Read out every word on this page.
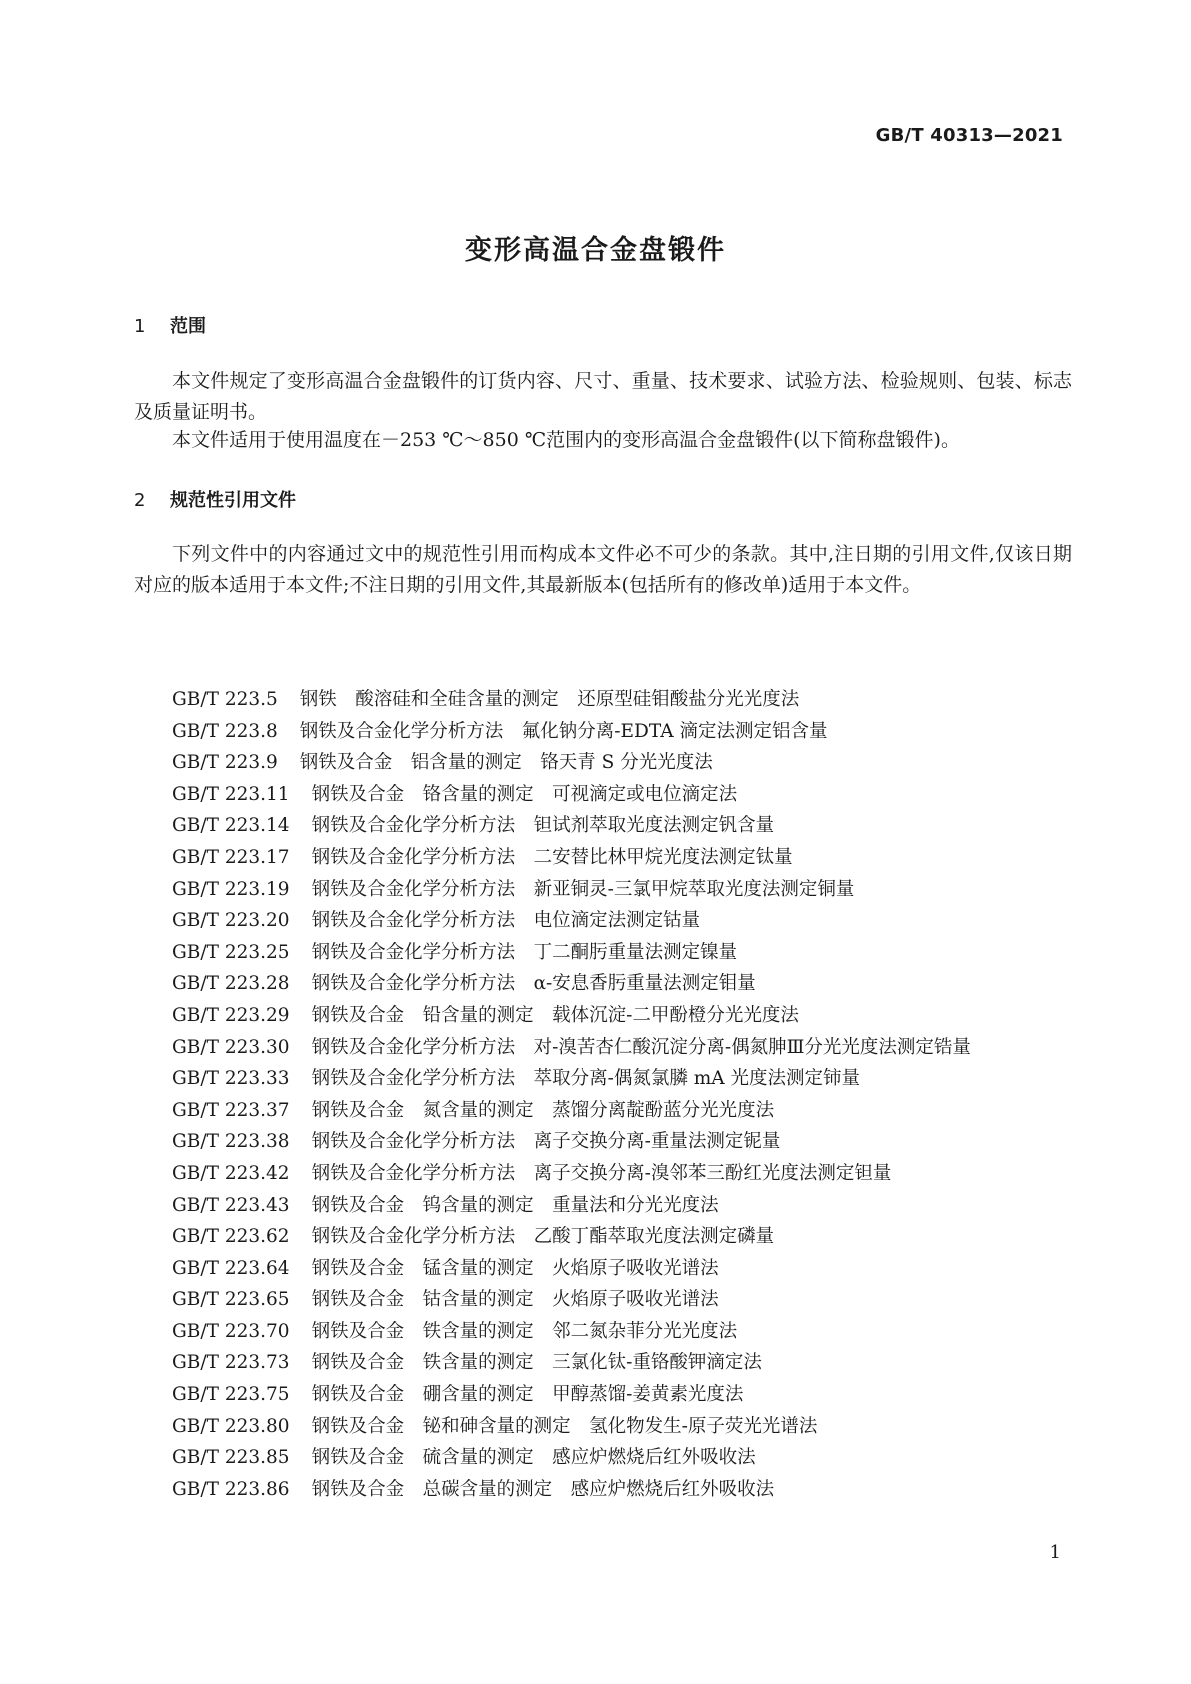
GB/T 40313—2021
变形高温合金盘锻件
1 范围
本文件规定了变形高温合金盘锻件的订货内容、尺寸、重量、技术要求、试验方法、检验规则、包装、标志及质量证明书。
本文件适用于使用温度在－253 ℃～850 ℃范围内的变形高温合金盘锻件(以下简称盘锻件)。
2 规范性引用文件
下列文件中的内容通过文中的规范性引用而构成本文件必不可少的条款。其中,注日期的引用文件,仅该日期对应的版本适用于本文件;不注日期的引用文件,其最新版本(包括所有的修改单)适用于本文件。
GB/T 223.5 钢铁　酸溶硅和全硅含量的测定　还原型硅钼酸盐分光光度法
GB/T 223.8 钢铁及合金化学分析方法　氟化钠分离-EDTA 滴定法测定铝含量
GB/T 223.9 钢铁及合金　铝含量的测定　铬天青 S 分光光度法
GB/T 223.11 钢铁及合金　铬含量的测定　可视滴定或电位滴定法
GB/T 223.14 钢铁及合金化学分析方法　钽试剂萃取光度法测定钒含量
GB/T 223.17 钢铁及合金化学分析方法　二安替比林甲烷光度法测定钛量
GB/T 223.19 钢铁及合金化学分析方法　新亚铜灵-三氯甲烷萃取光度法测定铜量
GB/T 223.20 钢铁及合金化学分析方法　电位滴定法测定钴量
GB/T 223.25 钢铁及合金化学分析方法　丁二酮肟重量法测定镍量
GB/T 223.28 钢铁及合金化学分析方法　α-安息香肟重量法测定钼量
GB/T 223.29 钢铁及合金　铅含量的测定　载体沉淀-二甲酚橙分光光度法
GB/T 223.30 钢铁及合金化学分析方法　对-溴苦杏仁酸沉淀分离-偶氮胂Ⅲ分光光度法测定锆量
GB/T 223.33 钢铁及合金化学分析方法　萃取分离-偶氮氯膦 mA 光度法测定铈量
GB/T 223.37 钢铁及合金　氮含量的测定　蒸馏分离靛酚蓝分光光度法
GB/T 223.38 钢铁及合金化学分析方法　离子交换分离-重量法测定铌量
GB/T 223.42 钢铁及合金化学分析方法　离子交换分离-溴邻苯三酚红光度法测定钽量
GB/T 223.43 钢铁及合金　钨含量的测定　重量法和分光光度法
GB/T 223.62 钢铁及合金化学分析方法　乙酸丁酯萃取光度法测定磷量
GB/T 223.64 钢铁及合金　锰含量的测定　火焰原子吸收光谱法
GB/T 223.65 钢铁及合金　钴含量的测定　火焰原子吸收光谱法
GB/T 223.70 钢铁及合金　铁含量的测定　邻二氮杂菲分光光度法
GB/T 223.73 钢铁及合金　铁含量的测定　三氯化钛-重铬酸钾滴定法
GB/T 223.75 钢铁及合金　硼含量的测定　甲醇蒸馏-姜黄素光度法
GB/T 223.80 钢铁及合金　铋和砷含量的测定　氢化物发生-原子荧光光谱法
GB/T 223.85 钢铁及合金　硫含量的测定　感应炉燃烧后红外吸收法
GB/T 223.86 钢铁及合金　总碳含量的测定　感应炉燃烧后红外吸收法
1
